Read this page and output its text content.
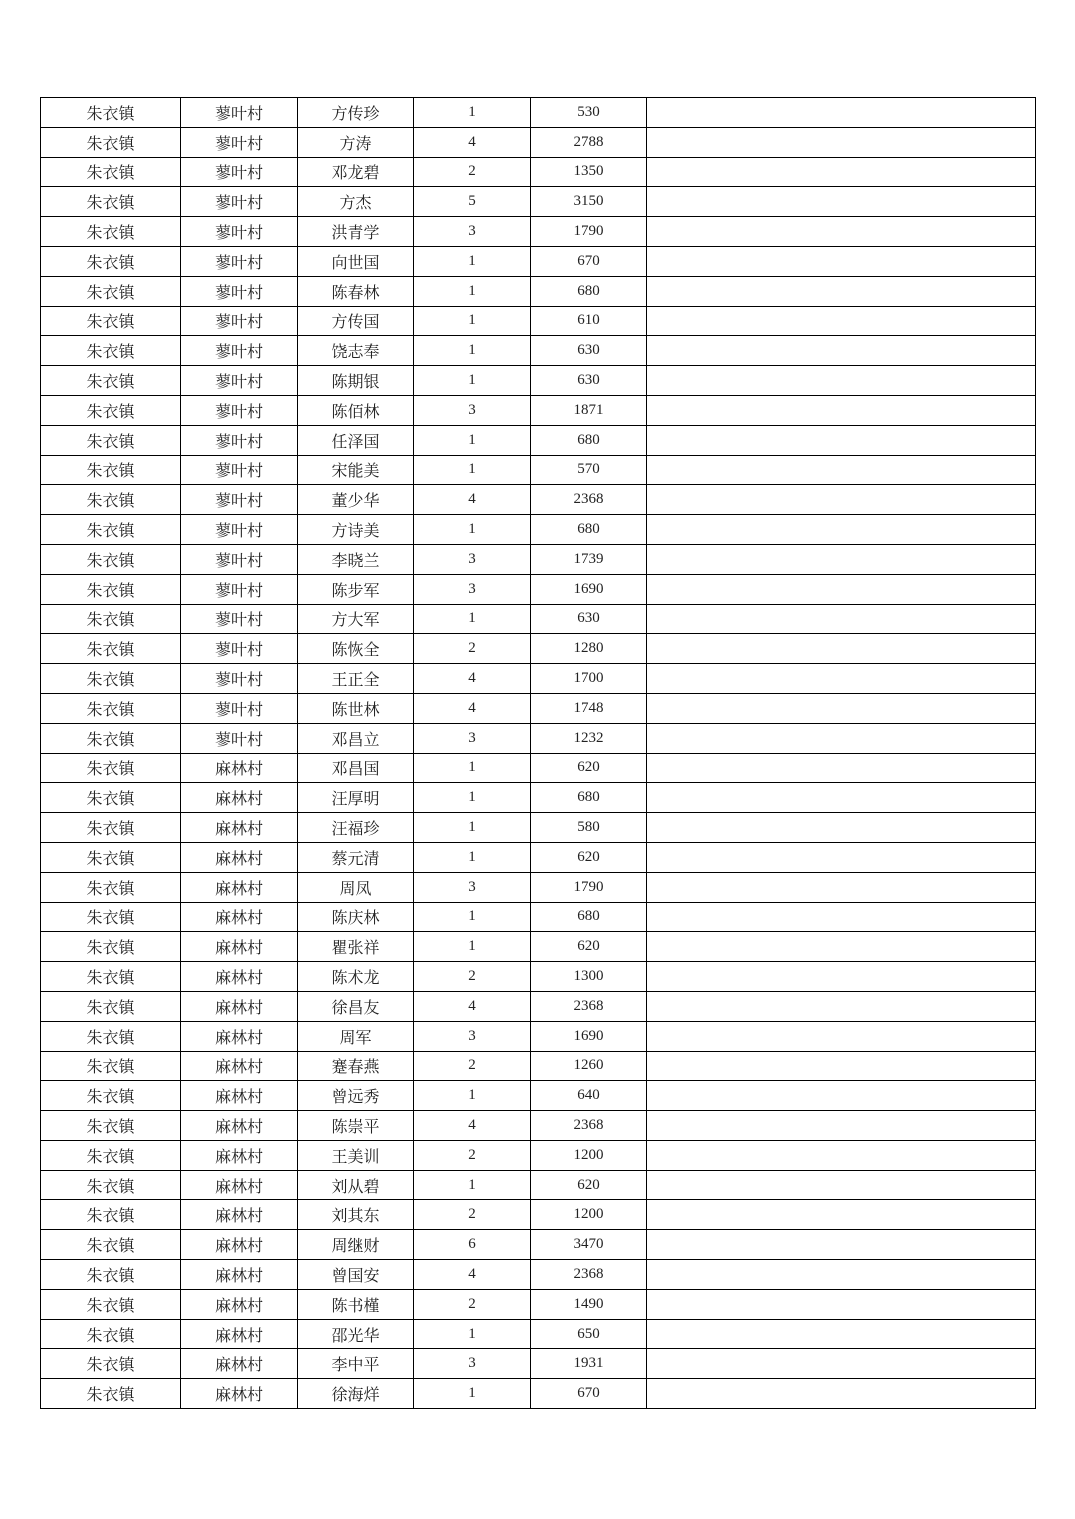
朱衣镇	蓼叶村	方传珍	1	530	
朱衣镇	蓼叶村	方涛	4	2788	
朱衣镇	蓼叶村	邓龙碧	2	1350	
朱衣镇	蓼叶村	方杰	5	3150	
朱衣镇	蓼叶村	洪青学	3	1790	
朱衣镇	蓼叶村	向世国	1	670	
朱衣镇	蓼叶村	陈春林	1	680	
朱衣镇	蓼叶村	方传国	1	610	
朱衣镇	蓼叶村	饶志奉	1	630	
朱衣镇	蓼叶村	陈期银	1	630	
朱衣镇	蓼叶村	陈佰林	3	1871	
朱衣镇	蓼叶村	任泽国	1	680	
朱衣镇	蓼叶村	宋能美	1	570	
朱衣镇	蓼叶村	董少华	4	2368	
朱衣镇	蓼叶村	方诗美	1	680	
朱衣镇	蓼叶村	李晓兰	3	1739	
朱衣镇	蓼叶村	陈步军	3	1690	
朱衣镇	蓼叶村	方大军	1	630	
朱衣镇	蓼叶村	陈恢全	2	1280	
朱衣镇	蓼叶村	王正全	4	1700	
朱衣镇	蓼叶村	陈世林	4	1748	
朱衣镇	蓼叶村	邓昌立	3	1232	
朱衣镇	麻林村	邓昌国	1	620	
朱衣镇	麻林村	汪厚明	1	680	
朱衣镇	麻林村	汪福珍	1	580	
朱衣镇	麻林村	蔡元清	1	620	
朱衣镇	麻林村	周凤	3	1790	
朱衣镇	麻林村	陈庆林	1	680	
朱衣镇	麻林村	瞿张祥	1	620	
朱衣镇	麻林村	陈术龙	2	1300	
朱衣镇	麻林村	徐昌友	4	2368	
朱衣镇	麻林村	周军	3	1690	
朱衣镇	麻林村	蹇春燕	2	1260	
朱衣镇	麻林村	曾远秀	1	640	
朱衣镇	麻林村	陈崇平	4	2368	
朱衣镇	麻林村	王美训	2	1200	
朱衣镇	麻林村	刘从碧	1	620	
朱衣镇	麻林村	刘其东	2	1200	
朱衣镇	麻林村	周继财	6	3470	
朱衣镇	麻林村	曾国安	4	2368	
朱衣镇	麻林村	陈书槿	2	1490	
朱衣镇	麻林村	邵光华	1	650	
朱衣镇	麻林村	李中平	3	1931	
朱衣镇	麻林村	徐海烊	1	670	
